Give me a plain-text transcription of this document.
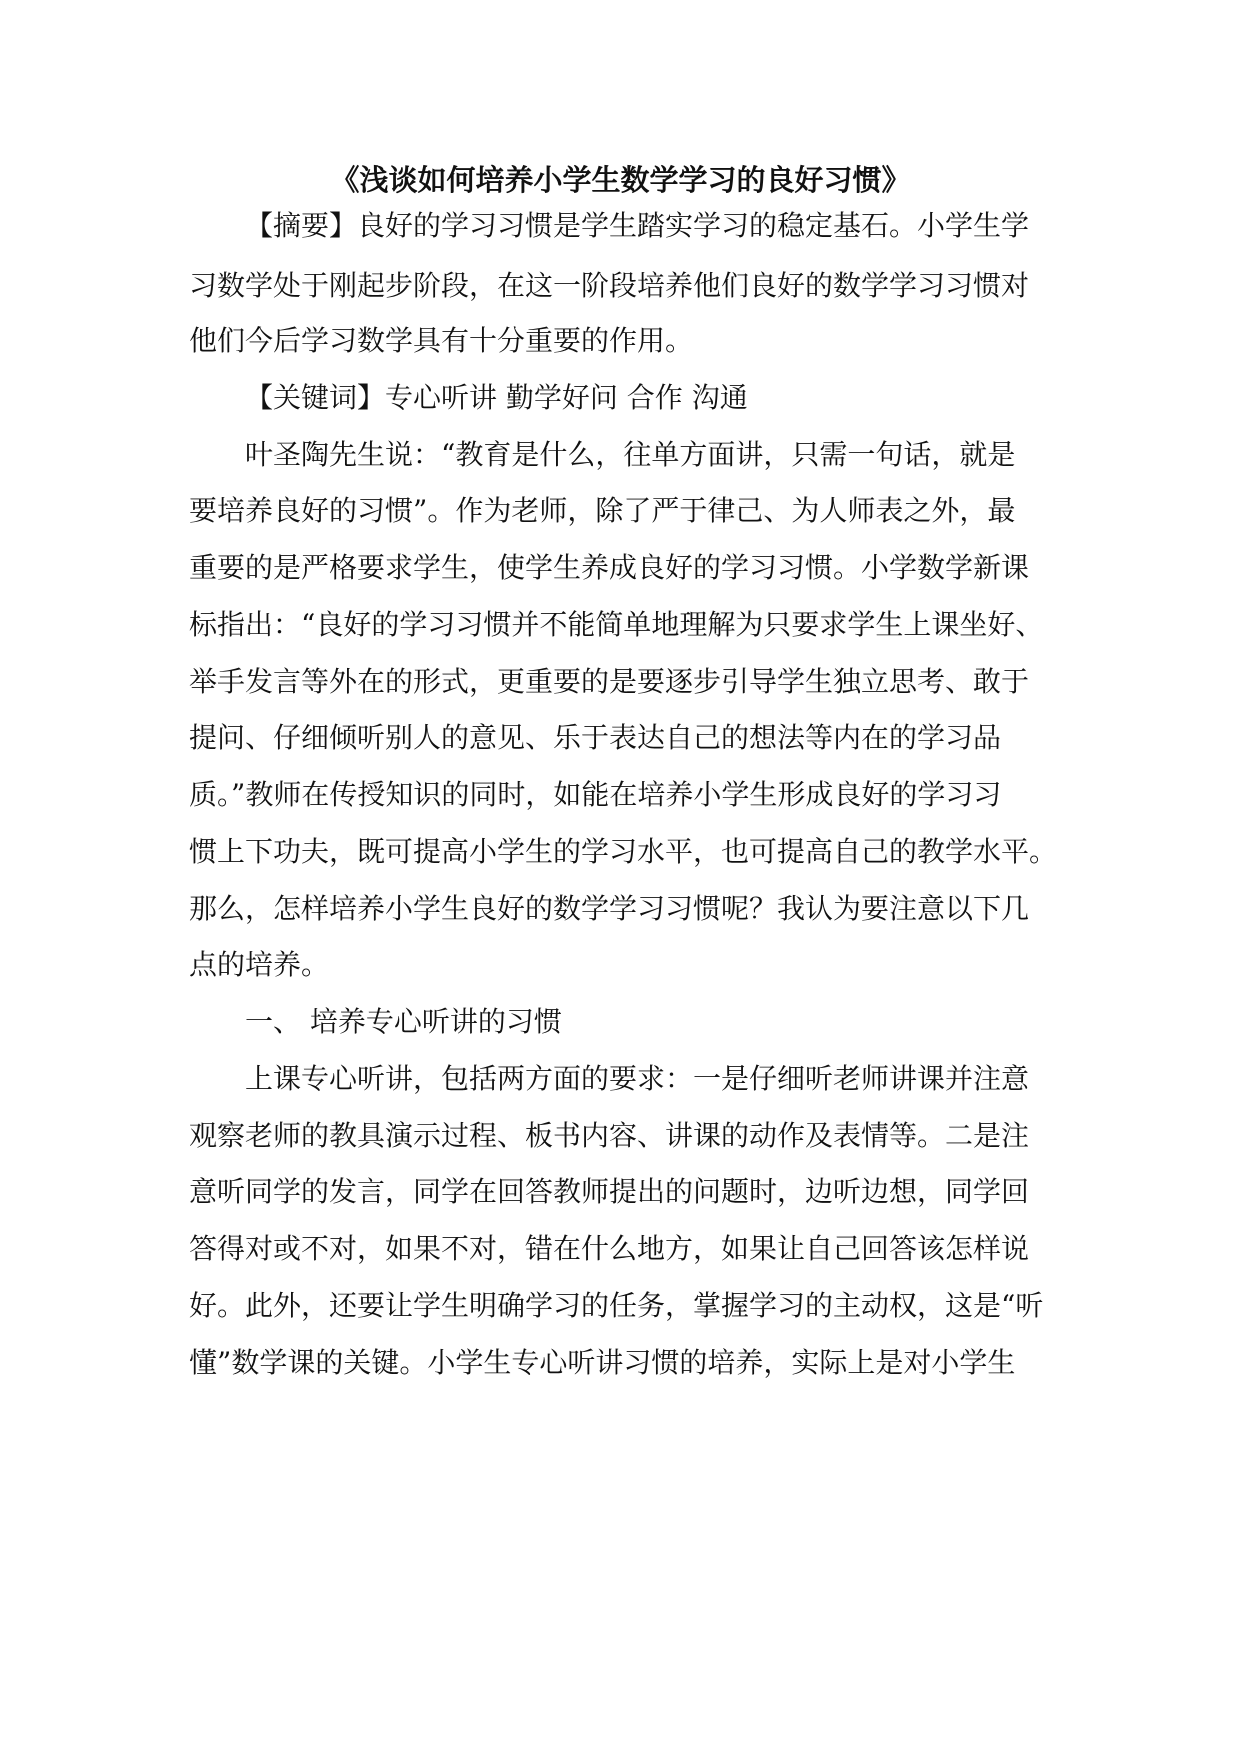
《浅谈如何培养小学生数学学习的良好习惯》

【摘要】良好的学习习惯是学生踏实学习的稳定基石。小学生学

习数学处于刚起步阶段，在这一阶段培养他们良好的数学学习习惯对

他们今后学习数学具有十分重要的作用。

【关键词】专心听讲 勤学好问 合作 沟通

叶圣陶先生说：“教育是什么，往单方面讲，只需一句话，就是

要培养良好的习惯”。作为老师，除了严于律己、为人师表之外，最

重要的是严格要求学生，使学生养成良好的学习习惯。小学数学新课

标指出：“良好的学习习惯并不能简单地理解为只要求学生上课坐好、

举手发言等外在的形式，更重要的是要逐步引导学生独立思考、敢于

提问、仔细倾听别人的意见、乐于表达自己的想法等内在的学习品

质。”教师在传授知识的同时，如能在培养小学生形成良好的学习习

惯上下功夫，既可提高小学生的学习水平，也可提高自己的教学水平。

那么，怎样培养小学生良好的数学学习习惯呢？我认为要注意以下几

点的培养。

一、 培养专心听讲的习惯

上课专心听讲，包括两方面的要求：一是仔细听老师讲课并注意

观察老师的教具演示过程、板书内容、讲课的动作及表情等。二是注

意听同学的发言，同学在回答教师提出的问题时，边听边想，同学回

答得对或不对，如果不对，错在什么地方，如果让自己回答该怎样说

好。此外，还要让学生明确学习的任务，掌握学习的主动权，这是“听

懂”数学课的关键。小学生专心听讲习惯的培养，实际上是对小学生
